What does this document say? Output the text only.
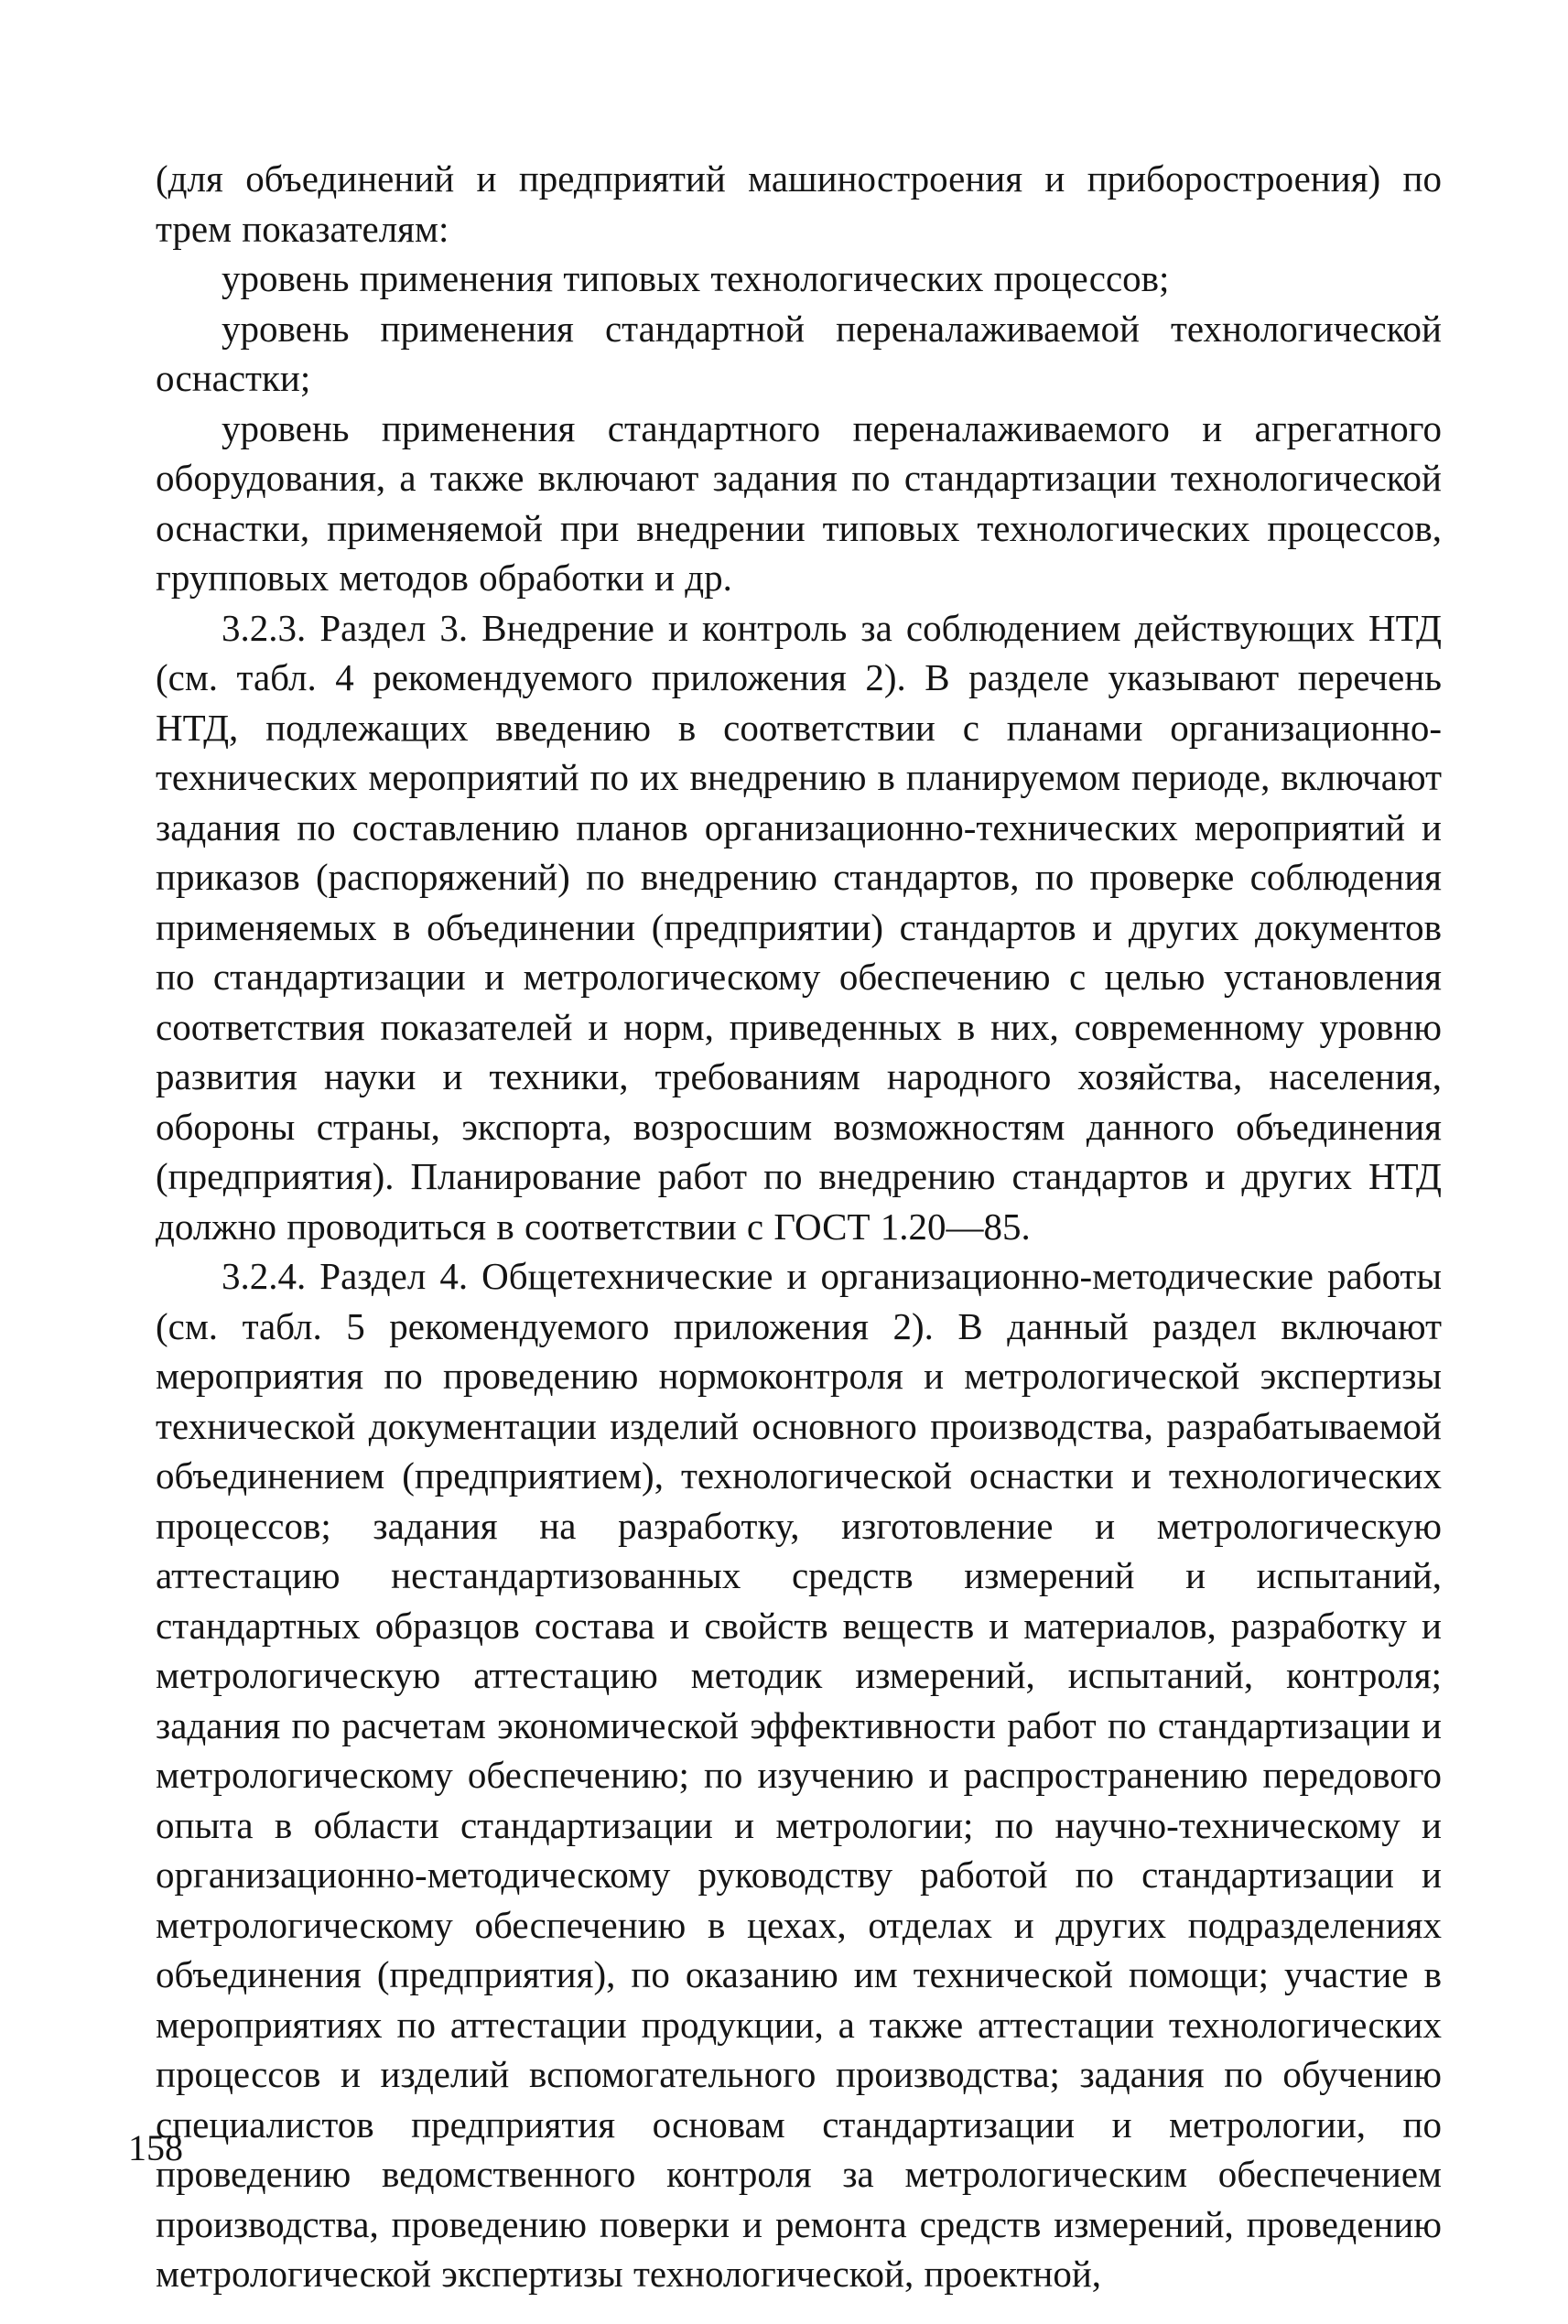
(для объединений и предприятий машиностроения и приборостроения) по трем показателям:

уровень применения типовых технологических процессов;

уровень применения стандартной переналаживаемой технологической оснастки;

уровень применения стандартного переналаживаемого и агрегатного оборудования, а также включают задания по стандартизации технологической оснастки, применяемой при внедрении типовых технологических процессов, групповых методов обработки и др.

3.2.3. Раздел 3. Внедрение и контроль за соблюдением действующих НТД (см. табл. 4 рекомендуемого приложения 2). В разделе указывают перечень НТД, подлежащих введению в соответствии с планами организационно-технических мероприятий по их внедрению в планируемом периоде, включают задания по составлению планов организационно-технических мероприятий и приказов (распоряжений) по внедрению стандартов, по проверке соблюдения применяемых в объединении (предприятии) стандартов и других документов по стандартизации и метрологическому обеспечению с целью установления соответствия показателей и норм, приведенных в них, современному уровню развития науки и техники, требованиям народного хозяйства, населения, обороны страны, экспорта, возросшим возможностям данного объединения (предприятия). Планирование работ по внедрению стандартов и других НТД должно проводиться в соответствии с ГОСТ 1.20—85.

3.2.4. Раздел 4. Общетехнические и организационно-методические работы (см. табл. 5 рекомендуемого приложения 2). В данный раздел включают мероприятия по проведению нормоконтроля и метрологической экспертизы технической документации изделий основного производства, разрабатываемой объединением (предприятием), технологической оснастки и технологических процессов; задания на разработку, изготовление и метрологическую аттестацию нестандартизованных средств измерений и испытаний, стандартных образцов состава и свойств веществ и материалов, разработку и метрологическую аттестацию методик измерений, испытаний, контроля; задания по расчетам экономической эффективности работ по стандартизации и метрологическому обеспечению; по изучению и распространению передового опыта в области стандартизации и метрологии; по научно-техническому и организационно-методическому руководству работой по стандартизации и метрологическому обеспечению в цехах, отделах и других подразделениях объединения (предприятия), по оказанию им технической помощи; участие в мероприятиях по аттестации продукции, а также аттестации технологических процессов и изделий вспомогательного производства; задания по обучению специалистов предприятия основам стандартизации и метрологии, по проведению ведомственного контроля за метрологическим обеспечением производства, проведению поверки и ремонта средств измерений, проведению метрологической экспертизы технологической, проектной,

158
